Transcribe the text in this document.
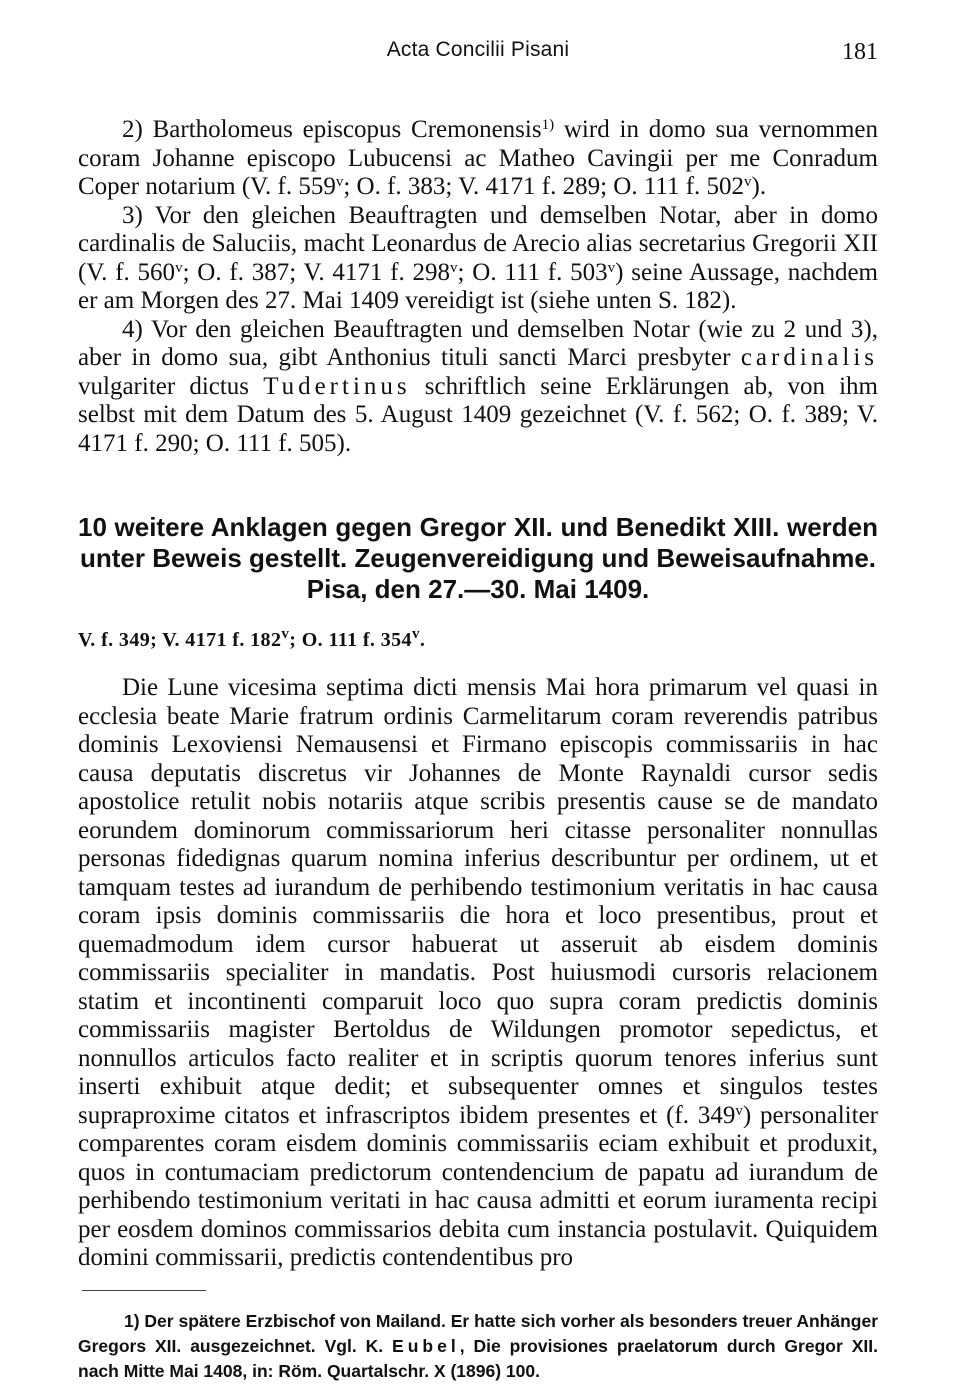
Acta Concilii Pisani	181

2) Bartholomeus episcopus Cremonensis$^{1)}$ wird in domo sua vernommen coram Johanne episcopo Lubucensi ac Matheo Cavingii per me Conradum Coper notarium (V. f. 559$^v$; O. f. 383; V. 4171 f. 289; O. 111 f. 502$^v$).

3) Vor den gleichen Beauftragten und demselben Notar, aber in domo cardinalis de Saluciis, macht Leonardus de Arecio alias secretarius Gregorii XII (V. f. 560$^v$; O. f. 387; V. 4171 f. 298$^v$; O. 111 f. 503$^v$) seine Aussage, nachdem er am Morgen des 27. Mai 1409 vereidigt ist (siehe unten S. 182).

4) Vor den gleichen Beauftragten und demselben Notar (wie zu 2 und 3), aber in domo sua, gibt Anthonius tituli sancti Marci presbyter cardinalis vulgariter dictus Tudertinus schriftlich seine Erklärungen ab, von ihm selbst mit dem Datum des 5. August 1409 gezeichnet (V. f. 562; O. f. 389; V. 4171 f. 290; O. 111 f. 505).

10 weitere Anklagen gegen Gregor XII. und Benedikt XIII. werden
unter Beweis gestellt. Zeugenvereidigung und Beweisaufnahme.
Pisa, den 27.—30. Mai 1409.
V. f. 349; V. 4171 f. 182$^v$; O. 111 f. 354$^v$.

Die Lune vicesima septima dicti mensis Mai hora primarum vel quasi in ecclesia beate Marie fratrum ordinis Carmelitarum coram reverendis patribus dominis Lexoviensi Nemausensi et Firmano episcopis commissariis in hac causa deputatis discretus vir Johannes de Monte Raynaldi cursor sedis apostolice retulit nobis notariis atque scribis presentis cause se de mandato eorundem dominorum commissariorum heri citasse personaliter nonnullas personas fidedignas quarum nomina inferius describuntur per ordinem, ut et tamquam testes ad iurandum de perhibendo testimonium veritatis in hac causa coram ipsis dominis commissariis die hora et loco presentibus, prout et quemadmodum idem cursor habuerat ut asseruit ab eisdem dominis commissariis specialiter in mandatis. Post huiusmodi cursoris relacionem statim et incontinenti comparuit loco quo supra coram predictis dominis commissariis magister Bertoldus de Wildungen promotor sepedictus, et nonnullos articulos facto realiter et in scriptis quorum tenores inferius sunt inserti exhibuit atque dedit; et subsequenter omnes et singulos testes supraproxime citatos et infrascriptos ibidem presentes et (f. 349$^v$) personaliter comparentes coram eisdem dominis commissariis eciam exhibuit et produxit, quos in contumaciam predictorum contendencium de papatu ad iurandum de perhibendo testimonium veritati in hac causa admitti et eorum iuramenta recipi per eosdem dominos commissarios debita cum instancia postulavit. Quiquidem domini commissarii, predictis contendentibus pro

1) Der spätere Erzbischof von Mailand. Er hatte sich vorher als besonders treuer Anhänger Gregors XII. ausgezeichnet. Vgl. K. Eubel, Die provisiones praelatorum durch Gregor XII. nach Mitte Mai 1408, in: Röm. Quartalschr. X (1896) 100.
